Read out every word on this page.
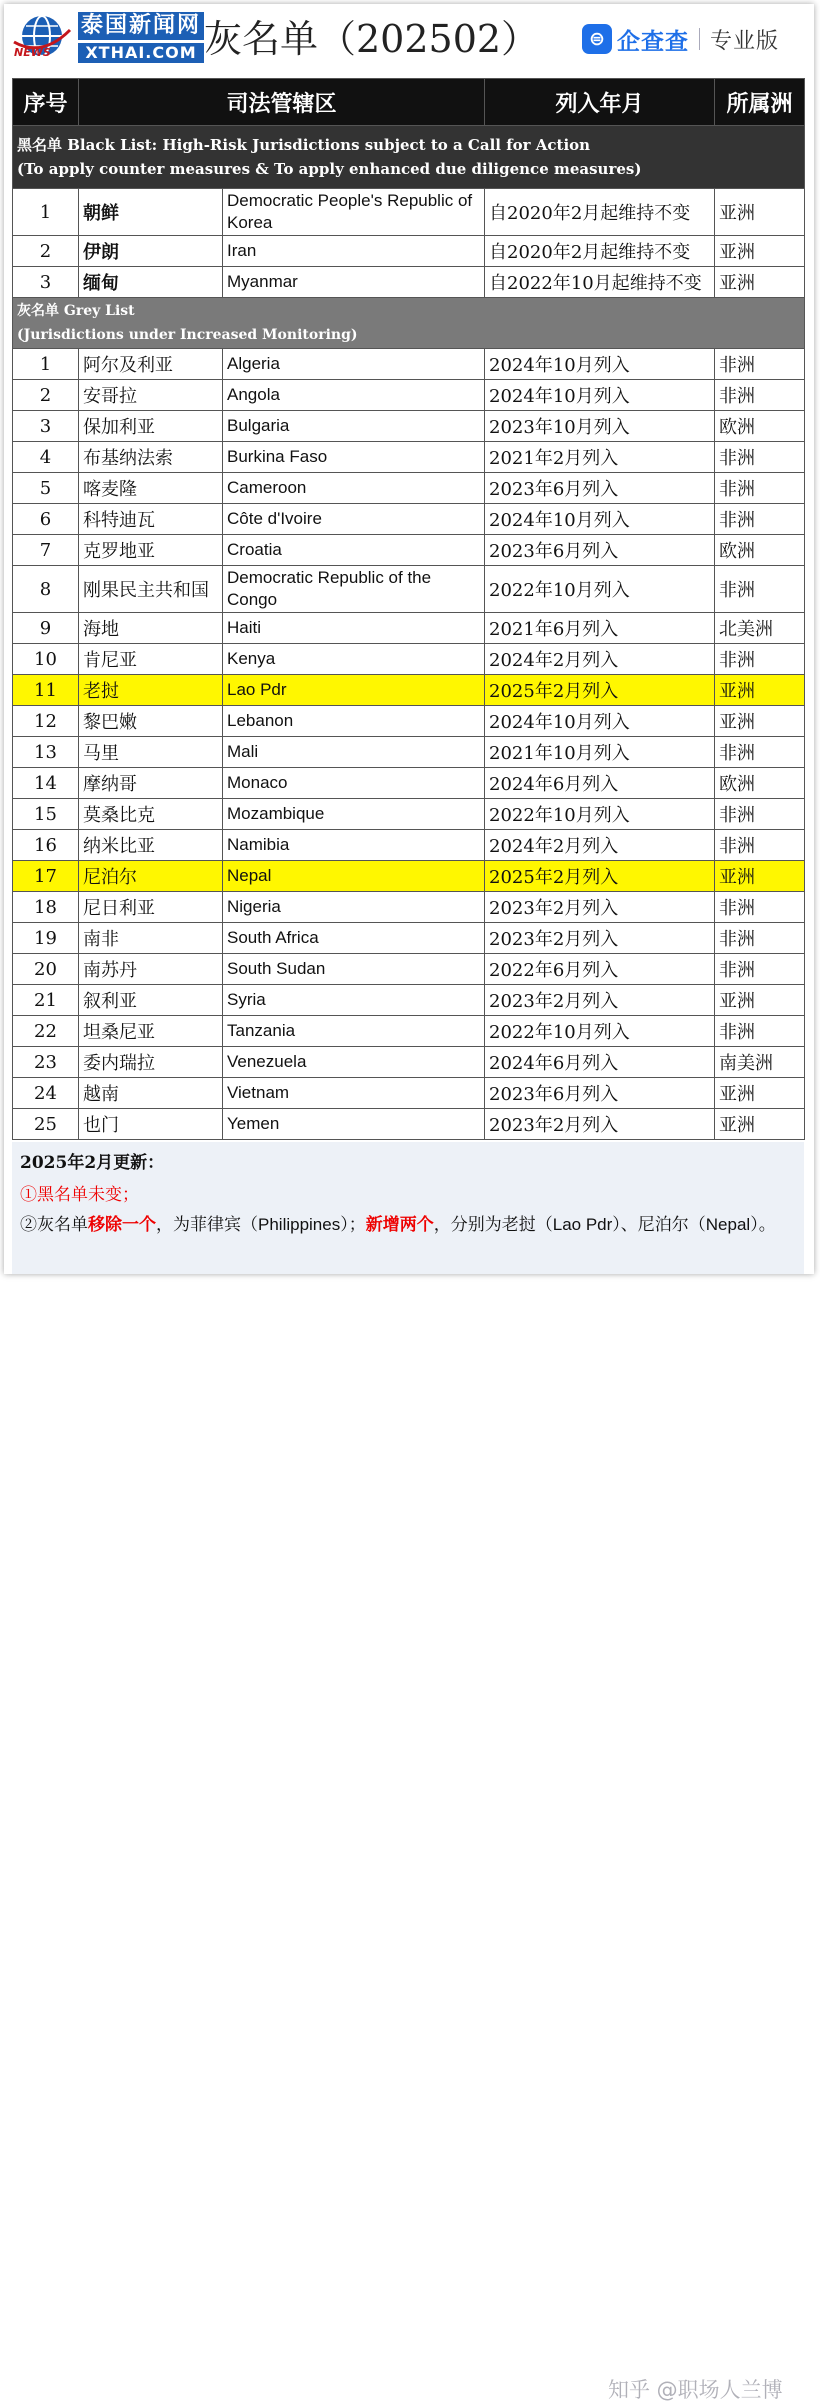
NEWS
泰国新闻网
XTHAI.COM 灰名单（202502）	⊜ 企查查 专业版
序号	司法管辖区		列入年月	所属洲

黑名单 Black List: High-Risk Jurisdictions subject to a Call for Action
(To apply counter measures & To apply enhanced due diligence measures)				

1	朝鲜	Democratic People's Republic of Korea	自2020年2月起维持不变	亚洲
2	伊朗	Iran	自2020年2月起维持不变	亚洲
3	缅甸	Myanmar	自2022年10月起维持不变	亚洲

灰名单 Grey List
(Jurisdictions under Increased Monitoring)				

1	阿尔及利亚	Algeria	2024年10月列入	非洲
2	安哥拉	Angola	2024年10月列入	非洲
3	保加利亚	Bulgaria	2023年10月列入	欧洲
4	布基纳法索	Burkina Faso	2021年2月列入	非洲
5	喀麦隆	Cameroon	2023年6月列入	非洲
6	科特迪瓦	Côte d'Ivoire	2024年10月列入	非洲
7	克罗地亚	Croatia	2023年6月列入	欧洲
8	刚果民主共和国	Democratic Republic of the Congo	2022年10月列入	非洲
9	海地	Haiti	2021年6月列入	北美洲
10	肯尼亚	Kenya	2024年2月列入	非洲
11	老挝	Lao Pdr	2025年2月列入	亚洲
12	黎巴嫩	Lebanon	2024年10月列入	亚洲
13	马里	Mali	2021年10月列入	非洲
14	摩纳哥	Monaco	2024年6月列入	欧洲
15	莫桑比克	Mozambique	2022年10月列入	非洲
16	纳米比亚	Namibia	2024年2月列入	非洲
17	尼泊尔	Nepal	2025年2月列入	亚洲
18	尼日利亚	Nigeria	2023年2月列入	非洲
19	南非	South Africa	2023年2月列入	非洲
20	南苏丹	South Sudan	2022年6月列入	非洲
21	叙利亚	Syria	2023年2月列入	亚洲
22	坦桑尼亚	Tanzania	2022年10月列入	非洲
23	委内瑞拉	Venezuela	2024年6月列入	南美洲
24	越南	Vietnam	2023年6月列入	亚洲
25	也门	Yemen	2023年2月列入	亚洲
2025年2月更新：
①黑名单未变；
②灰名单移除一个，为菲律宾（Philippines）；新增两个，分别为老挝（Lao Pdr）、尼泊尔（Nepal）。
知乎 @职场人兰博
